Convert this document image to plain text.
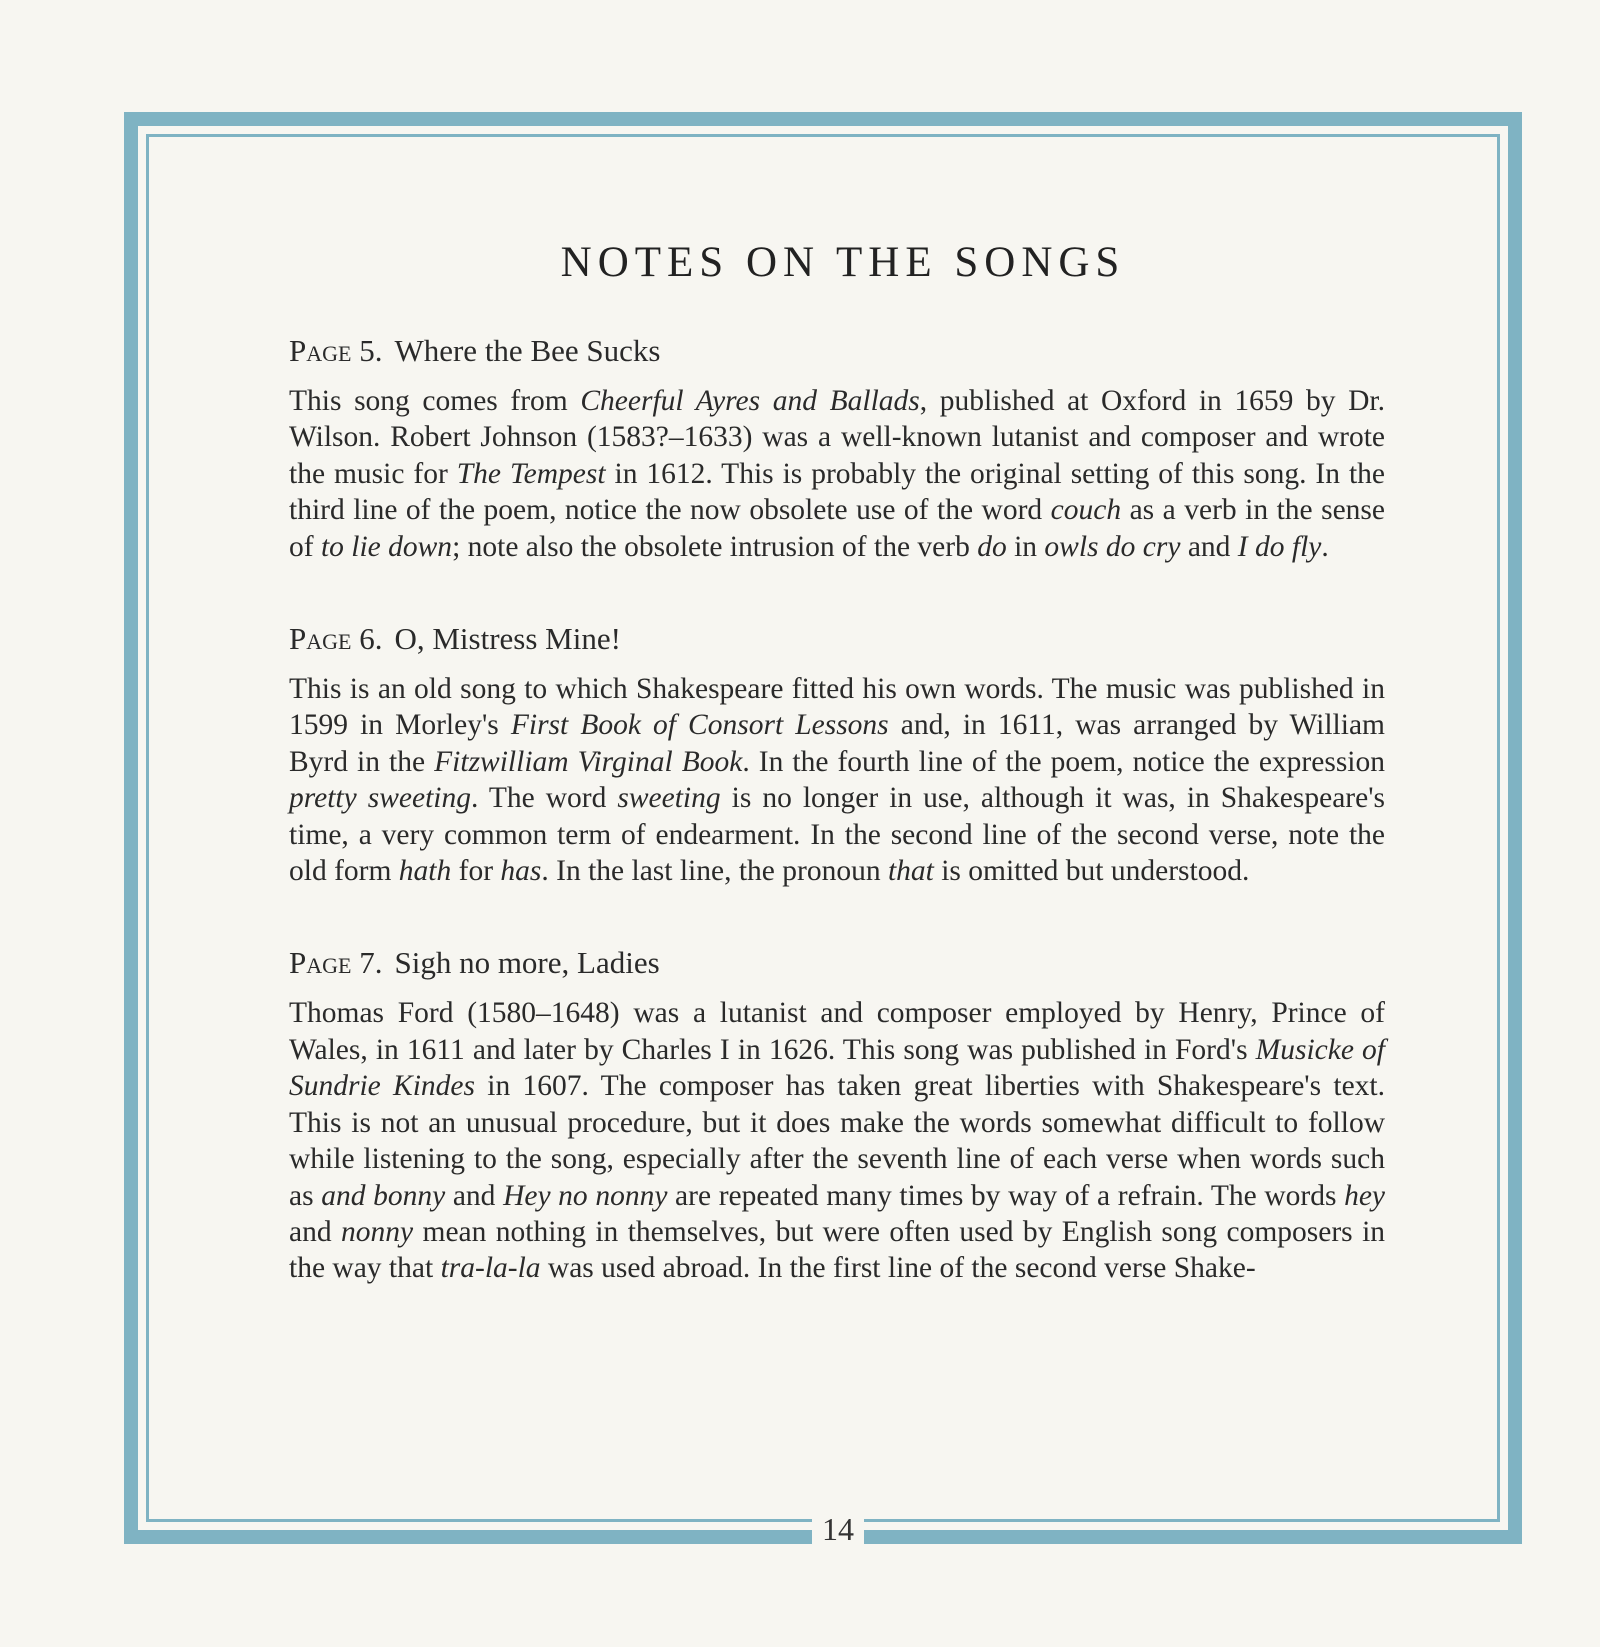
14
NOTES ON THE SONGS

Page 5. Where the Bee Sucks

This song comes from Cheerful Ayres and Ballads, published at Oxford in 1659 by Dr. Wilson. Robert Johnson (1583?–1633) was a well-known lutanist and composer and wrote the music for The Tempest in 1612. This is probably the original setting of this song. In the third line of the poem, notice the now obsolete use of the word couch as a verb in the sense of to lie down; note also the obsolete intrusion of the verb do in owls do cry and I do fly.

Page 6. O, Mistress Mine!

This is an old song to which Shakespeare fitted his own words. The music was published in 1599 in Morley's First Book of Consort Lessons and, in 1611, was arranged by William Byrd in the Fitzwilliam Virginal Book. In the fourth line of the poem, notice the expression pretty sweeting. The word sweeting is no longer in use, although it was, in Shakespeare's time, a very common term of endearment. In the second line of the second verse, note the old form hath for has. In the last line, the pronoun that is omitted but understood.

Page 7. Sigh no more, Ladies

Thomas Ford (1580–1648) was a lutanist and composer employed by Henry, Prince of Wales, in 1611 and later by Charles I in 1626. This song was published in Ford's Musicke of Sundrie Kindes in 1607. The composer has taken great liberties with Shakespeare's text. This is not an unusual procedure, but it does make the words somewhat difficult to follow while listening to the song, especially after the seventh line of each verse when words such as and bonny and Hey no nonny are repeated many times by way of a refrain. The words hey and nonny mean nothing in themselves, but were often used by English song composers in the way that tra-la-la was used abroad. In the first line of the second verse Shake-
